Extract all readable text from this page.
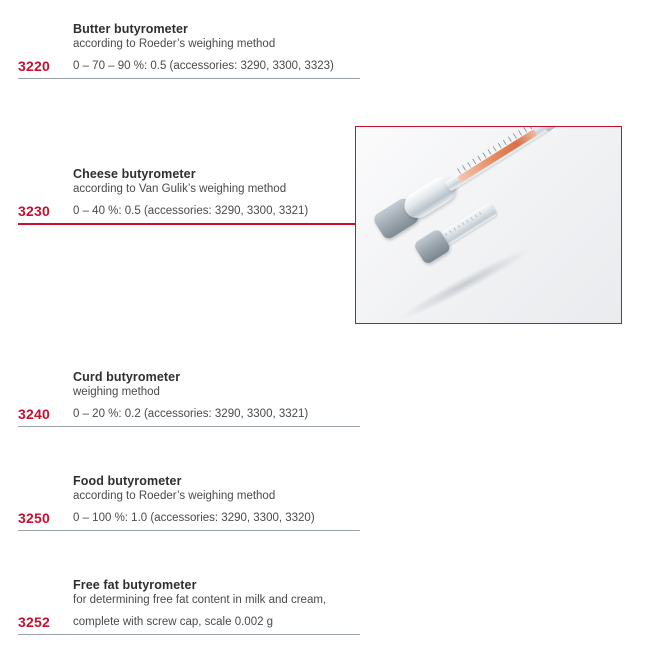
Butter butyrometer
according to Roeder’s weighing method
3220 0 – 70 – 90 %: 0.5 (accessories: 3290, 3300, 3323)
Cheese butyrometer
according to Van Gulik’s weighing method
3230 0 – 40 %: 0.5 (accessories: 3290, 3300, 3321)
Curd butyrometer
weighing method
3240 0 – 20 %: 0.2 (accessories: 3290, 3300, 3321)
Food butyrometer
according to Roeder’s weighing method
3250 0 – 100 %: 1.0 (accessories: 3290, 3300, 3320)
Free fat butyrometer
for determining free fat content in milk and cream,
3252 complete with screw cap, scale 0.002 g
